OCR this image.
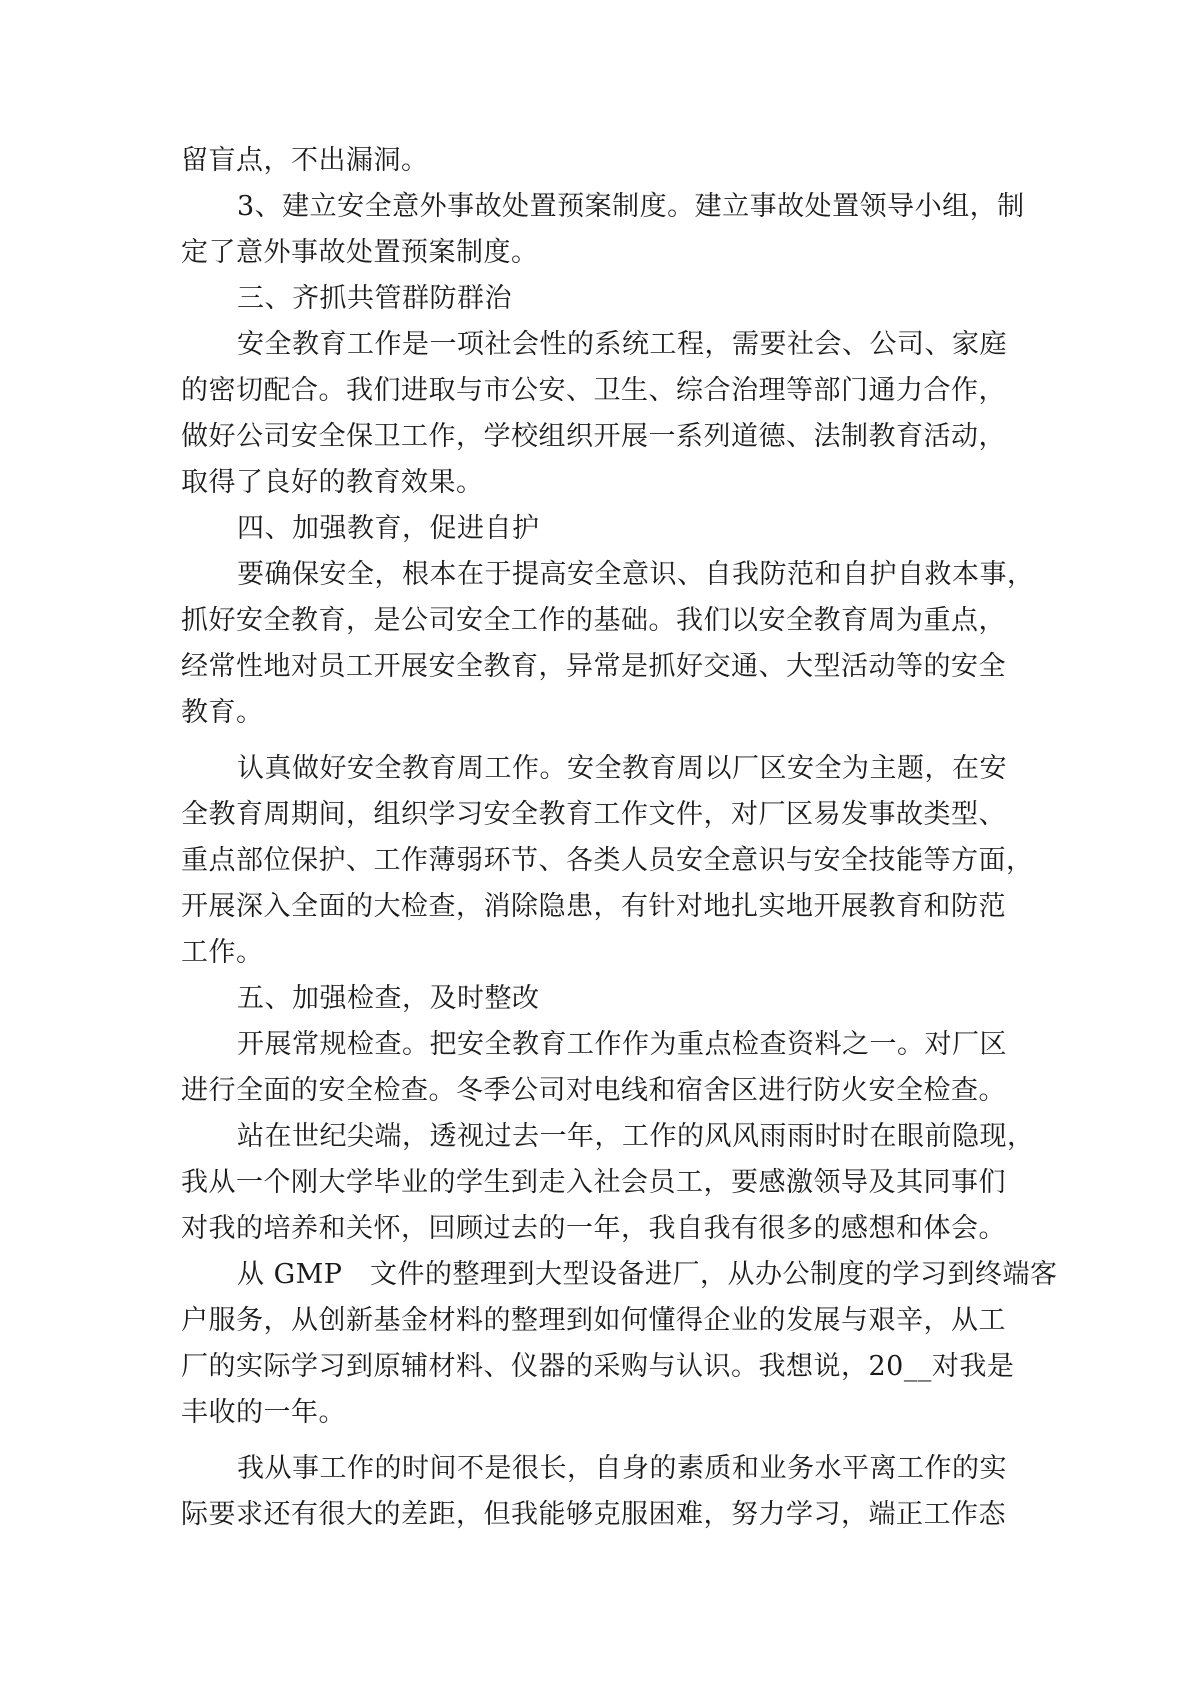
留盲点，不出漏洞。
3、建立安全意外事故处置预案制度。建立事故处置领导小组，制
定了意外事故处置预案制度。
三、齐抓共管群防群治
安全教育工作是一项社会性的系统工程，需要社会、公司、家庭
的密切配合。我们进取与市公安、卫生、综合治理等部门通力合作，
做好公司安全保卫工作，学校组织开展一系列道德、法制教育活动，
取得了良好的教育效果。
四、加强教育，促进自护
要确保安全，根本在于提高安全意识、自我防范和自护自救本事，
抓好安全教育，是公司安全工作的基础。我们以安全教育周为重点，
经常性地对员工开展安全教育，异常是抓好交通、大型活动等的安全
教育。
认真做好安全教育周工作。安全教育周以厂区安全为主题，在安
全教育周期间，组织学习安全教育工作文件，对厂区易发事故类型、
重点部位保护、工作薄弱环节、各类人员安全意识与安全技能等方面，
开展深入全面的大检查，消除隐患，有针对地扎实地开展教育和防范
工作。
五、加强检查，及时整改
开展常规检查。把安全教育工作作为重点检查资料之一。对厂区
进行全面的安全检查。冬季公司对电线和宿舍区进行防火安全检查。
站在世纪尖端，透视过去一年，工作的风风雨雨时时在眼前隐现，
我从一个刚大学毕业的学生到走入社会员工，要感激领导及其同事们
对我的培养和关怀，回顾过去的一年，我自我有很多的感想和体会。
从 GMP　文件的整理到大型设备进厂，从办公制度的学习到终端客
户服务，从创新基金材料的整理到如何懂得企业的发展与艰辛，从工
厂的实际学习到原辅材料、仪器的采购与认识。我想说，20__对我是
丰收的一年。
我从事工作的时间不是很长，自身的素质和业务水平离工作的实
际要求还有很大的差距，但我能够克服困难，努力学习，端正工作态
